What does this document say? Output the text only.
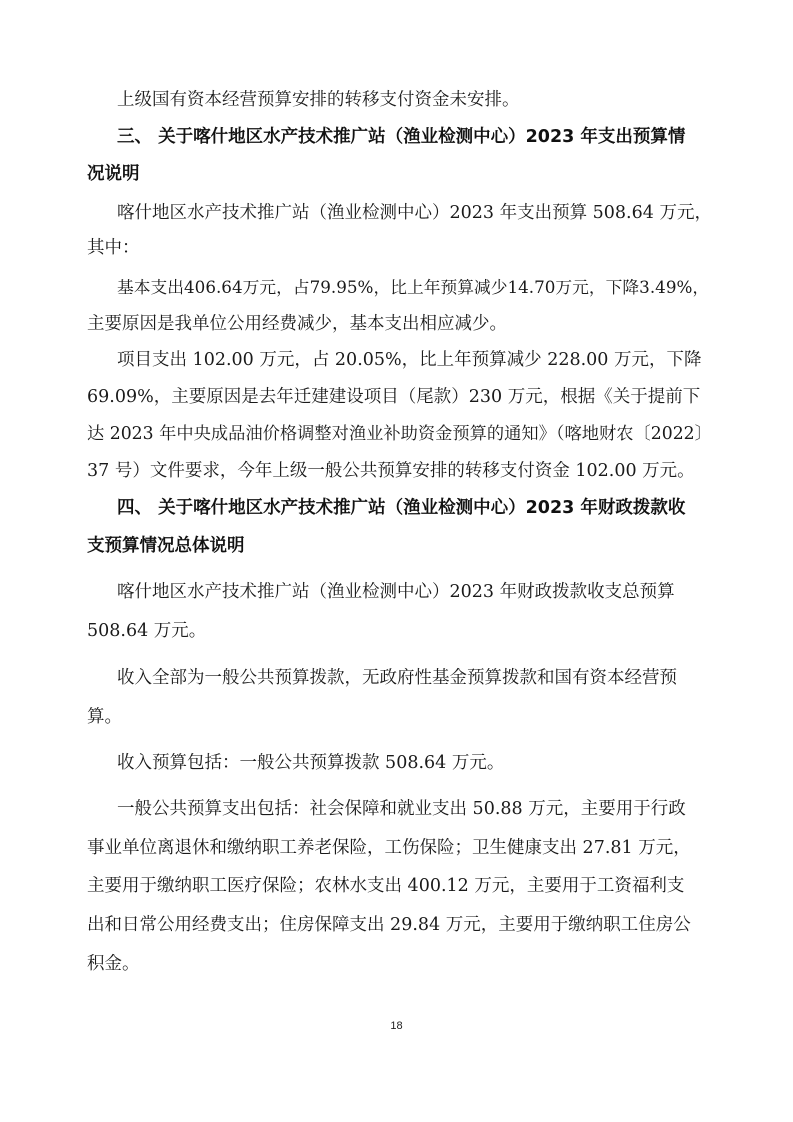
上级国有资本经营预算安排的转移支付资金未安排。

三、 关于喀什地区水产技术推广站（渔业检测中心）2023 年支出预算情

况说明

喀什地区水产技术推广站（渔业检测中心）2023 年支出预算 508.64 万元，

其中：

基本支出406.64万元，占79.95%，比上年预算减少14.70万元，下降3.49%，

主要原因是我单位公用经费减少，基本支出相应减少。

项目支出 102.00 万元，占 20.05%，比上年预算减少 228.00 万元，下降

69.09%，主要原因是去年迁建建设项目（尾款）230 万元，根据《关于提前下

达 2023 年中央成品油价格调整对渔业补助资金预算的通知》（喀地财农〔2022〕

37 号）文件要求，今年上级一般公共预算安排的转移支付资金 102.00 万元。

四、 关于喀什地区水产技术推广站（渔业检测中心）2023 年财政拨款收

支预算情况总体说明

喀什地区水产技术推广站（渔业检测中心）2023 年财政拨款收支总预算

508.64 万元。

收入全部为一般公共预算拨款，无政府性基金预算拨款和国有资本经营预

算。

收入预算包括：一般公共预算拨款 508.64 万元。

一般公共预算支出包括：社会保障和就业支出 50.88 万元，主要用于行政

事业单位离退休和缴纳职工养老保险，工伤保险；卫生健康支出 27.81 万元，

主要用于缴纳职工医疗保险；农林水支出 400.12 万元，主要用于工资福利支

出和日常公用经费支出；住房保障支出 29.84 万元，主要用于缴纳职工住房公

积金。

18
